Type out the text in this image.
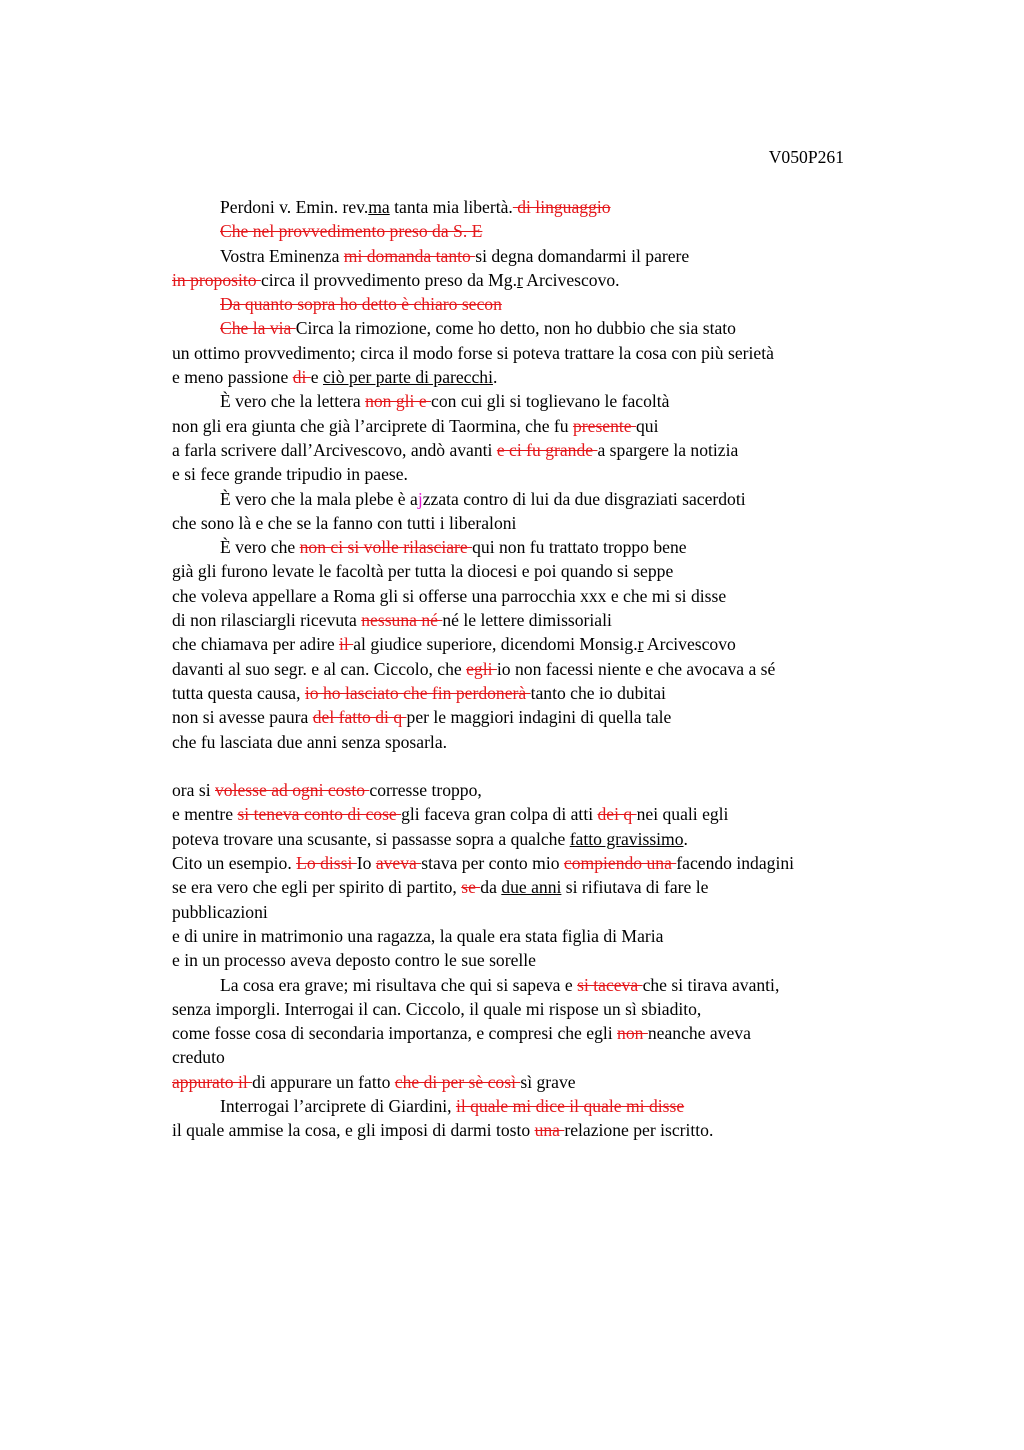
V050P261
Perdoni v. Emin. rev.ma tanta mia libertà. di linguaggio
Che nel provvedimento preso da S. E
Vostra Eminenza mi domanda tanto si degna domandarmi il parere
in proposito circa il provvedimento preso da Mg.r Arcivescovo.
Da quanto sopra ho detto è chiaro secon
Che la via Circa la rimozione, come ho detto, non ho dubbio che sia stato
un ottimo provvedimento; circa il modo forse si poteva trattare la cosa con più serietà
e meno passione di e ciò per parte di parecchi.
È vero che la lettera non gli e con cui gli si toglievano le facoltà
non gli era giunta che già l’arciprete di Taormina, che fu presente qui
a farla scrivere dall’Arcivescovo, andò avanti e ci fu grande a spargere la notizia
e si fece grande tripudio in paese.
È vero che la mala plebe è ajzzata contro di lui da due disgraziati sacerdoti
che sono là e che se la fanno con tutti i liberaloni
È vero che non ci si volle rilasciare qui non fu trattato troppo bene
già gli furono levate le facoltà per tutta la diocesi e poi quando si seppe
che voleva appellare a Roma gli si offerse una parrocchia xxx e che mi si disse
di non rilasciargli ricevuta nessuna né né le lettere dimissoriali
che chiamava per adire il al giudice superiore, dicendomi Monsig.r Arcivescovo
davanti al suo segr. e al can. Ciccolo, che egli io non facessi niente e che avocava a sé
tutta questa causa, io ho lasciato che fin perdonerà tanto che io dubitai
non si avesse paura del fatto di q per le maggiori indagini di quella tale
che fu lasciata due anni senza sposarla.
ora si volesse ad ogni costo corresse troppo,
e mentre si teneva conto di cose gli faceva gran colpa di atti dei q nei quali egli
poteva trovare una scusante, si passasse sopra a qualche fatto gravissimo.
Cito un esempio. Lo dissi Io aveva stava per conto mio compiendo una facendo indagini
se era vero che egli per spirito di partito, se da due anni si rifiutava di fare le
pubblicazioni
e di unire in matrimonio una ragazza, la quale era stata figlia di Maria
e in un processo aveva deposto contro le sue sorelle
La cosa era grave; mi risultava che qui si sapeva e si taceva che si tirava avanti,
senza imporgli. Interrogai il can. Ciccolo, il quale mi rispose un sì sbiadito,
come fosse cosa di secondaria importanza, e compresi che egli non neanche aveva
creduto
appurato il di appurare un fatto che di per sè così sì grave
Interrogai l’arciprete di Giardini, il quale mi dice il quale mi disse
il quale ammise la cosa, e gli imposi di darmi tosto una relazione per iscritto.
